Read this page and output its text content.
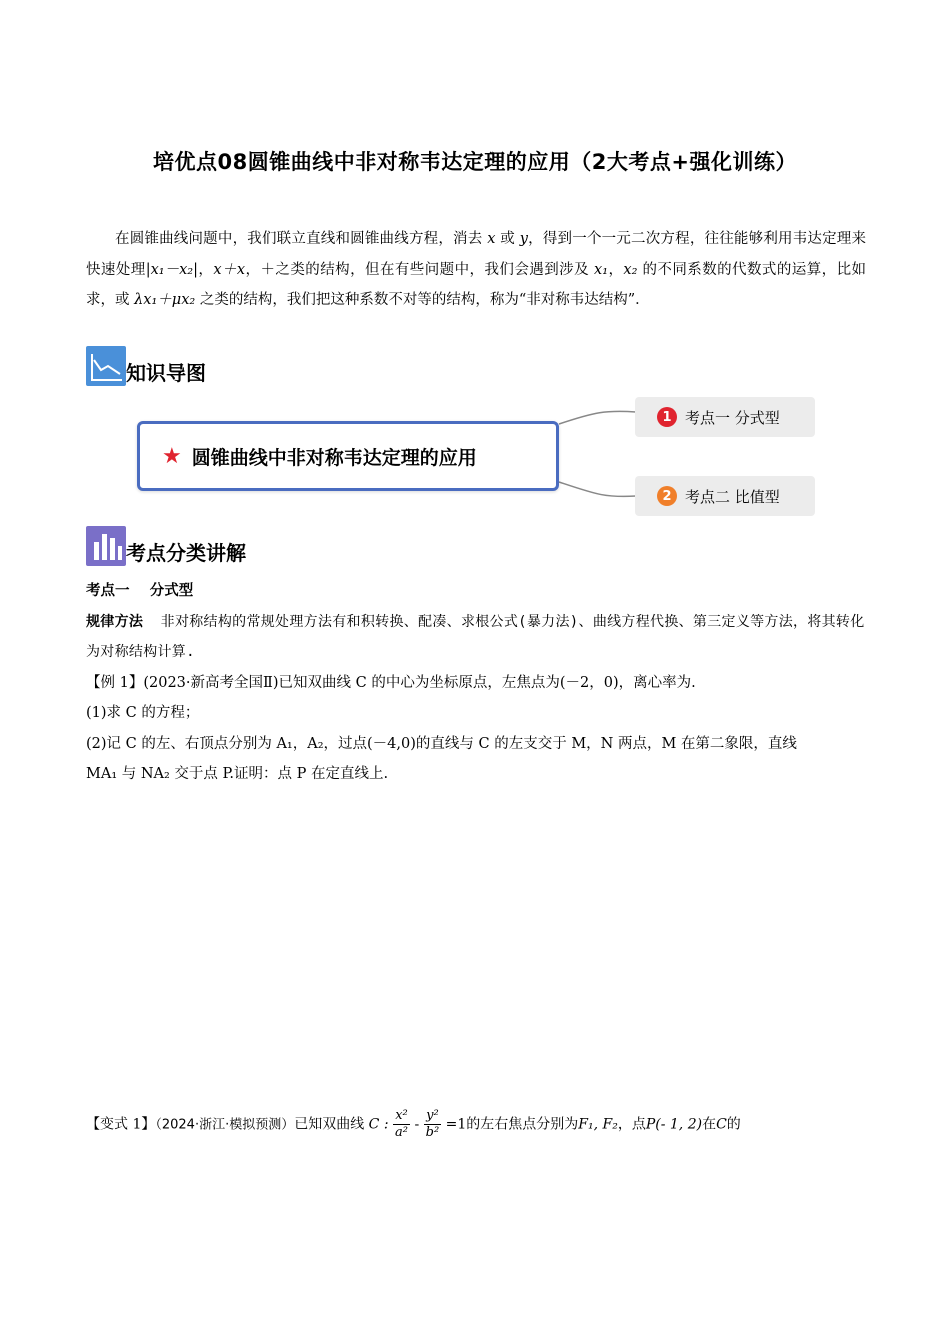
培优点08圆锥曲线中非对称韦达定理的应用（2大考点+强化训练）

在圆锥曲线问题中，我们联立直线和圆锥曲线方程，消去 x 或 y，得到一个一元二次方程，往往能够利用韦达定理来快速处理|x₁－x₂|，x＋x，＋之类的结构，但在有些问题中，我们会遇到涉及 x₁，x₂ 的不同系数的代数式的运算，比如求，或 λx₁＋μx₂ 之类的结构，我们把这种系数不对等的结构，称为“非对称韦达结构”．

知识导图
★ 圆锥曲线中非对称韦达定理的应用
1 考点一 分式型
2 考点二 比值型
考点分类讲解

考点一    分式型

规律方法  非对称结构的常规处理方法有和积转换、配凑、求根公式(暴力法)、曲线方程代换、第三定义等方法，将其转化为对称结构计算.

【例 1】(2023·新高考全国Ⅱ)已知双曲线 C 的中心为坐标原点，左焦点为(－2，0)，离心率为.

(1)求 C 的方程；

(2)记 C 的左、右顶点分别为 A₁，A₂，过点(－4,0)的直线与 C 的左支交于 M，N 两点，M 在第二象限，直线
MA₁ 与 NA₂ 交于点 P.证明：点 P 在定直线上.

【变式 1】（2024·浙江·模拟预测）已知双曲线 C : $\frac{\text{x²}}{\text{a²}} - \frac{\text{y²}}{\text{b²}} =1$的左右焦点分别为F₁, F₂，点P(- 1, 2)在C的
